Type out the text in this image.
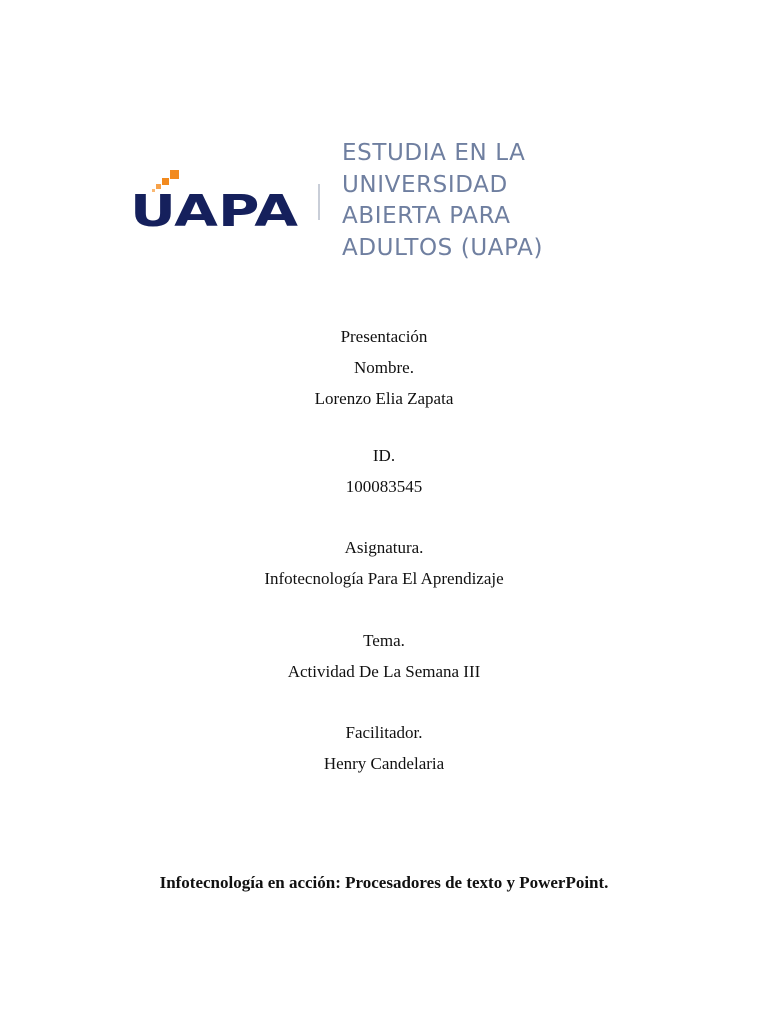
UAPA
ESTUDIA EN LA
UNIVERSIDAD
ABIERTA PARA
ADULTOS (UAPA)
Presentación
Nombre.
Lorenzo Elia Zapata
ID.
100083545
Asignatura.
Infotecnología Para El Aprendizaje
Tema.
Actividad De La Semana III
Facilitador.
Henry Candelaria
Infotecnología en acción: Procesadores de texto y PowerPoint.
